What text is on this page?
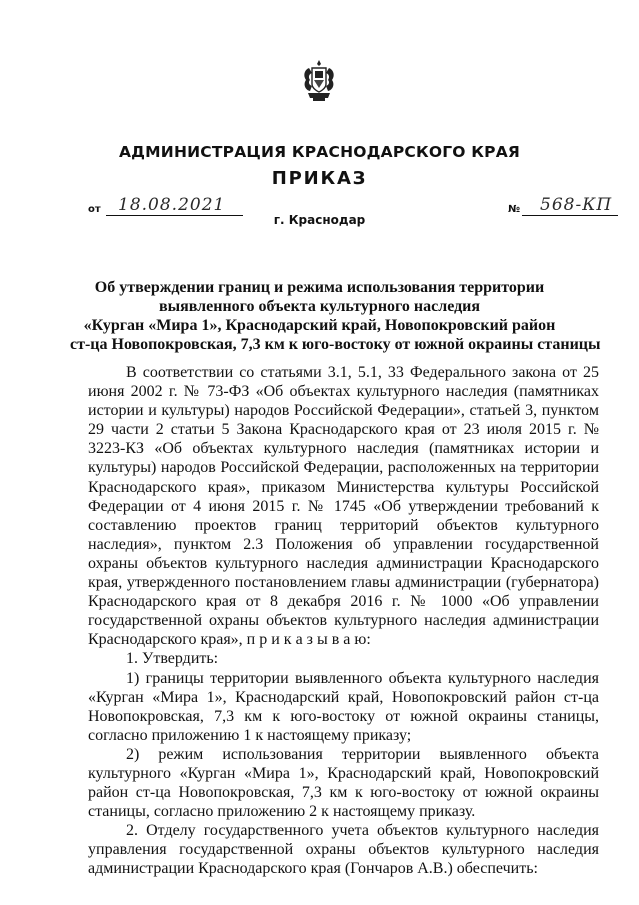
АДМИНИСТРАЦИЯ КРАСНОДАРСКОГО КРАЯ
ПРИКАЗ
от 18.08.2021	№ 568-КП
г. Краснодар
Об утверждении границ и режима использования территории
выявленного объекта культурного наследия
«Курган «Мира 1», Краснодарский край, Новопокровский район
ст-ца Новопокровская, 7,3 км к юго-востоку от южной окраины станицы

В соответствии со статьями 3.1, 5.1, 33 Федерального закона от 25 июня 2002 г. № 73-ФЗ «Об объектах культурного наследия (памятниках истории и культуры) народов Российской Федерации», статьей 3, пунктом 29 части 2 статьи 5 Закона Краснодарского края от 23 июля 2015 г. № 3223-КЗ «Об объектах культурного наследия (памятниках истории и культуры) народов Российской Федерации, расположенных на территории Краснодарского края», приказом Министерства культуры Российской Федерации от 4 июня 2015 г. № 1745 «Об утверждении требований к составлению проектов границ территорий объектов культурного наследия», пунктом 2.3 Положения об управлении государственной охраны объектов культурного наследия администрации Краснодарского края, утвержденного постановлением главы администрации (губернатора) Краснодарского края от 8 декабря 2016 г. № 1000 «Об управлении государственной охраны объектов культурного наследия администрации Краснодарского края», п р и к а з ы в а ю:

1. Утвердить:

1) границы территории выявленного объекта культурного наследия «Курган «Мира 1», Краснодарский край, Новопокровский район ст-ца Новопокровская, 7,3 км к юго-востоку от южной окраины станицы, согласно приложению 1 к настоящему приказу;

2) режим использования территории выявленного объекта культурного «Курган «Мира 1», Краснодарский край, Новопокровский район ст-ца Новопокровская, 7,3 км к юго-востоку от южной окраины станицы, согласно приложению 2 к настоящему приказу.

2. Отделу государственного учета объектов культурного наследия управления государственной охраны объектов культурного наследия администрации Краснодарского края (Гончаров А.В.) обеспечить:
